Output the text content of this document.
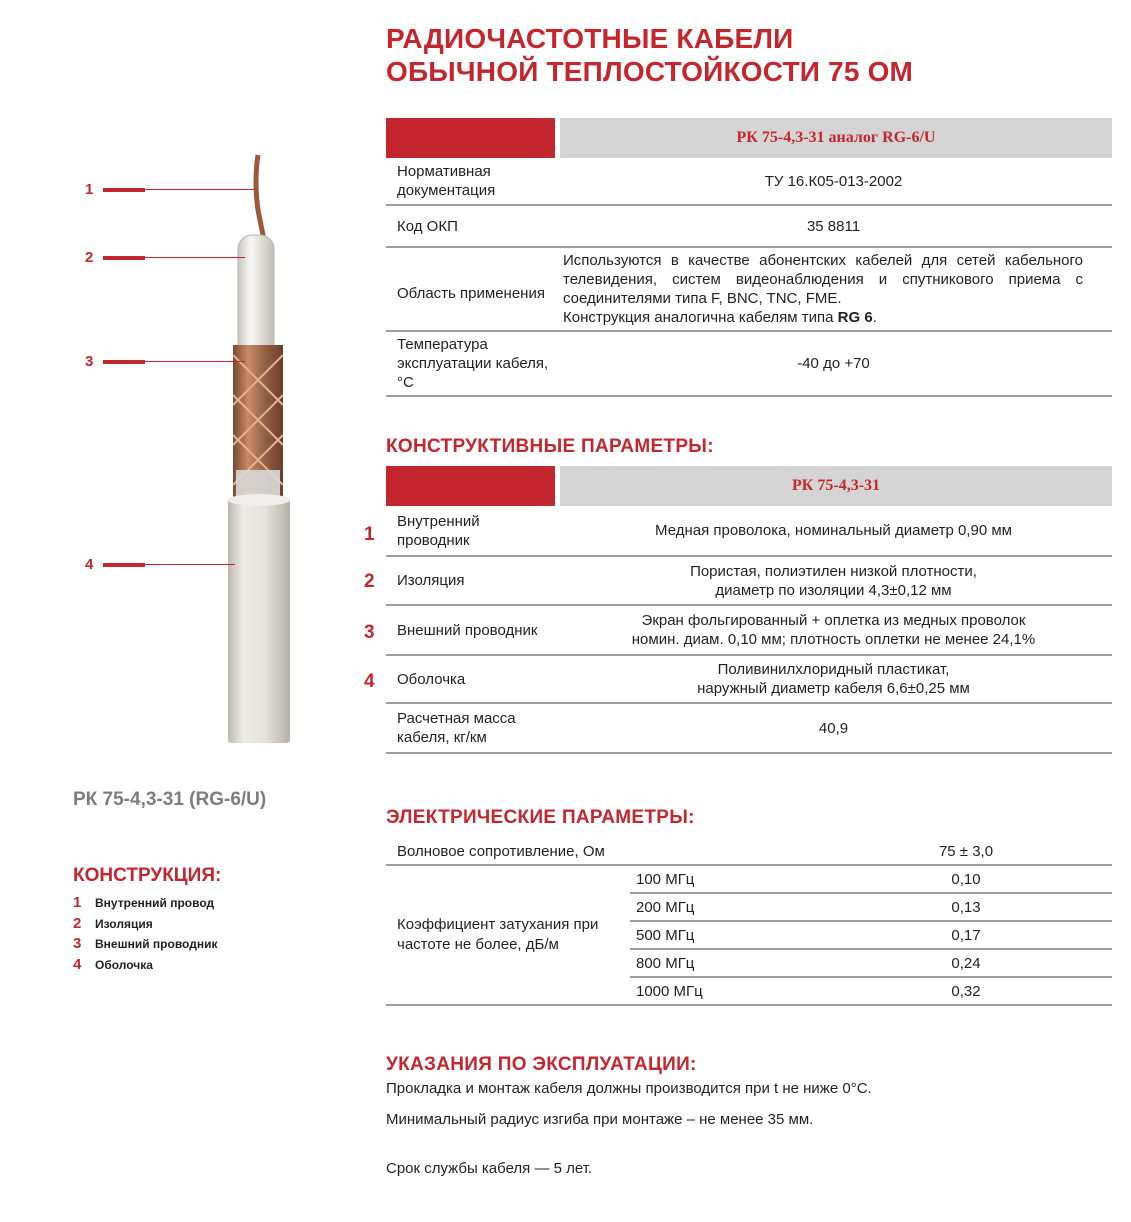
РАДИОЧАСТОТНЫЕ КАБЕЛИ
ОБЫЧНОЙ ТЕПЛОСТОЙКОСТИ 75 ОМ
		РК 75-4,3-31 аналог RG-6/U
Нормативная документация	ТУ 16.К05-013-2002	
Код ОКП	35 8811	
Область применения	Используются в качестве абонентских кабелей для сетей кабельного телевидения, систем видеонаблюдения и спутникового приема с соединителями типа F, BNC, TNC, FME.
Конструкция аналогична кабелям типа RG 6.	

Температура эксплуатации кабеля, °С	-40 до +70	
КОНСТРУКТИВНЫЕ ПАРАМЕТРЫ:
		РК 75-4,3-31
Внутренний проводник	Медная проволока, номинальный диаметр 0,90 мм	

Изоляция	Пористая, полиэтилен низкой плотности,
диаметр по изоляции 4,3±0,12 мм	

Внешний проводник	Экран фольгированный + оплетка из медных проволок
номин. диам. 0,10 мм; плотность оплетки не менее 24,1%	

Оболочка	Поливинилхлоридный пластикат,
наружный диаметр кабеля 6,6±0,25 мм	

Расчетная масса кабеля, кг/км	40,9	
1
2
3
4
ЭЛЕКТРИЧЕСКИЕ ПАРАМЕТРЫ:
Волновое сопротивление, Ом		75 ± 3,0
Коэффициент затухания при частоте не более, дБ/м	100 МГц	0,10
	200 МГц	0,13
	500 МГц	0,17
	800 МГц	0,24
	1000 МГц	0,32
УКАЗАНИЯ ПО ЭКСПЛУАТАЦИИ:
Прокладка и монтаж кабеля должны производится при t не ниже 0°С.
Минимальный радиус изгиба при монтаже – не менее 35 мм.
Срок службы кабеля — 5 лет.
1
2
3
4
РК 75-4,3-31 (RG-6/U)
КОНСТРУКЦИЯ:
1 Внутренний провод
2 Изоляция
3 Внешний проводник
4 Оболочка
